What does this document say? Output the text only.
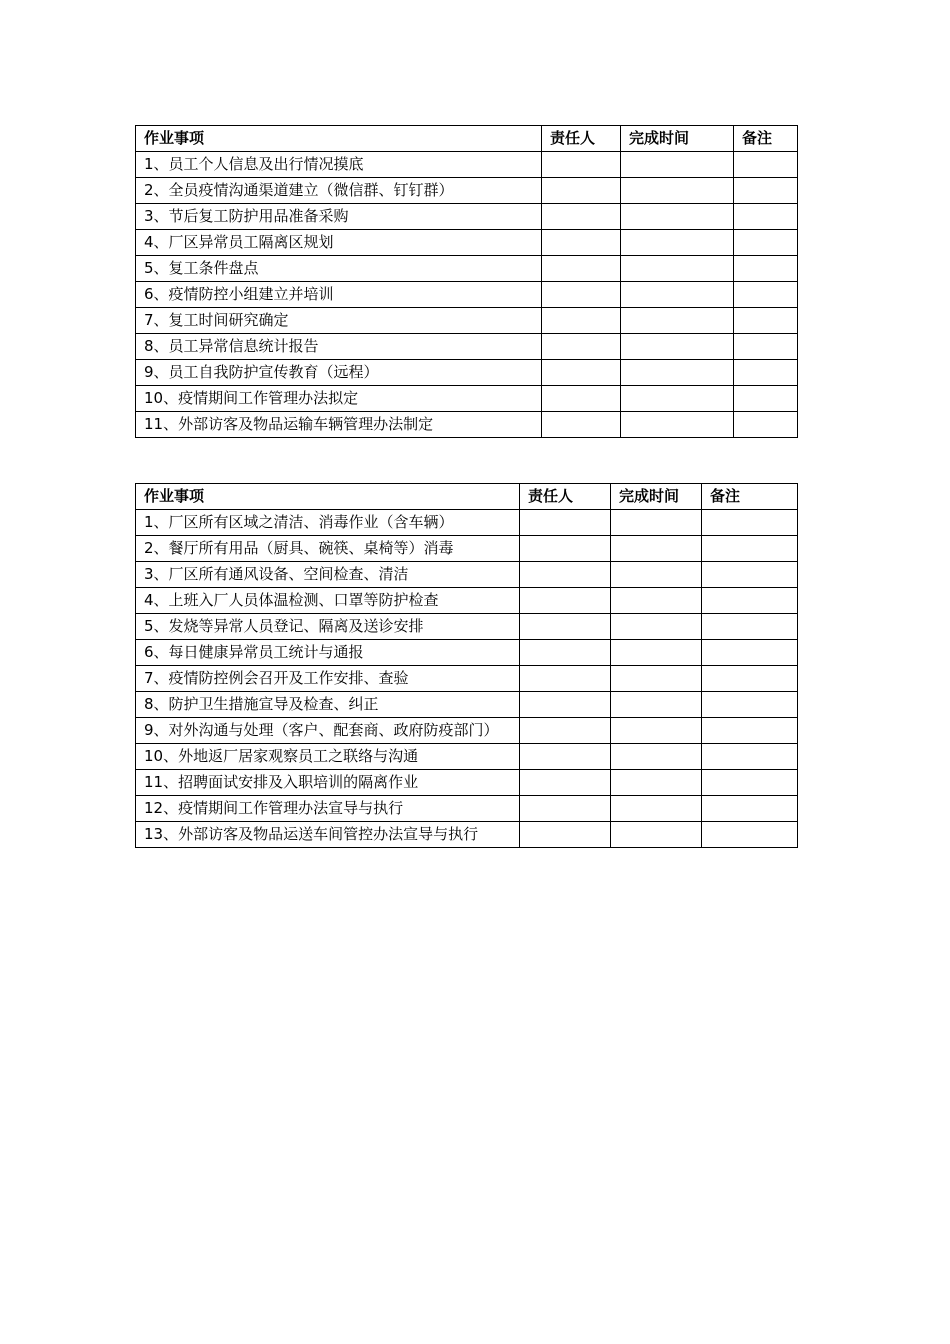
作业事项	责任人	完成时间	备注
1、员工个人信息及出行情况摸底			
2、全员疫情沟通渠道建立（微信群、钉钉群）			
3、节后复工防护用品准备采购			
4、厂区异常员工隔离区规划			
5、复工条件盘点			
6、疫情防控小组建立并培训			
7、复工时间研究确定			
8、员工异常信息统计报告			
9、员工自我防护宣传教育（远程）			
10、疫情期间工作管理办法拟定			
11、外部访客及物品运输车辆管理办法制定			
作业事项	责任人	完成时间	备注
1、厂区所有区域之清洁、消毒作业（含车辆）			
2、餐厅所有用品（厨具、碗筷、桌椅等）消毒			
3、厂区所有通风设备、空间检查、清洁			
4、上班入厂人员体温检测、口罩等防护检查			
5、发烧等异常人员登记、隔离及送诊安排			
6、每日健康异常员工统计与通报			
7、疫情防控例会召开及工作安排、查验			
8、防护卫生措施宣导及检查、纠正			
9、对外沟通与处理（客户、配套商、政府防疫部门）			
10、外地返厂居家观察员工之联络与沟通			
11、招聘面试安排及入职培训的隔离作业			
12、疫情期间工作管理办法宣导与执行			
13、外部访客及物品运送车间管控办法宣导与执行			
